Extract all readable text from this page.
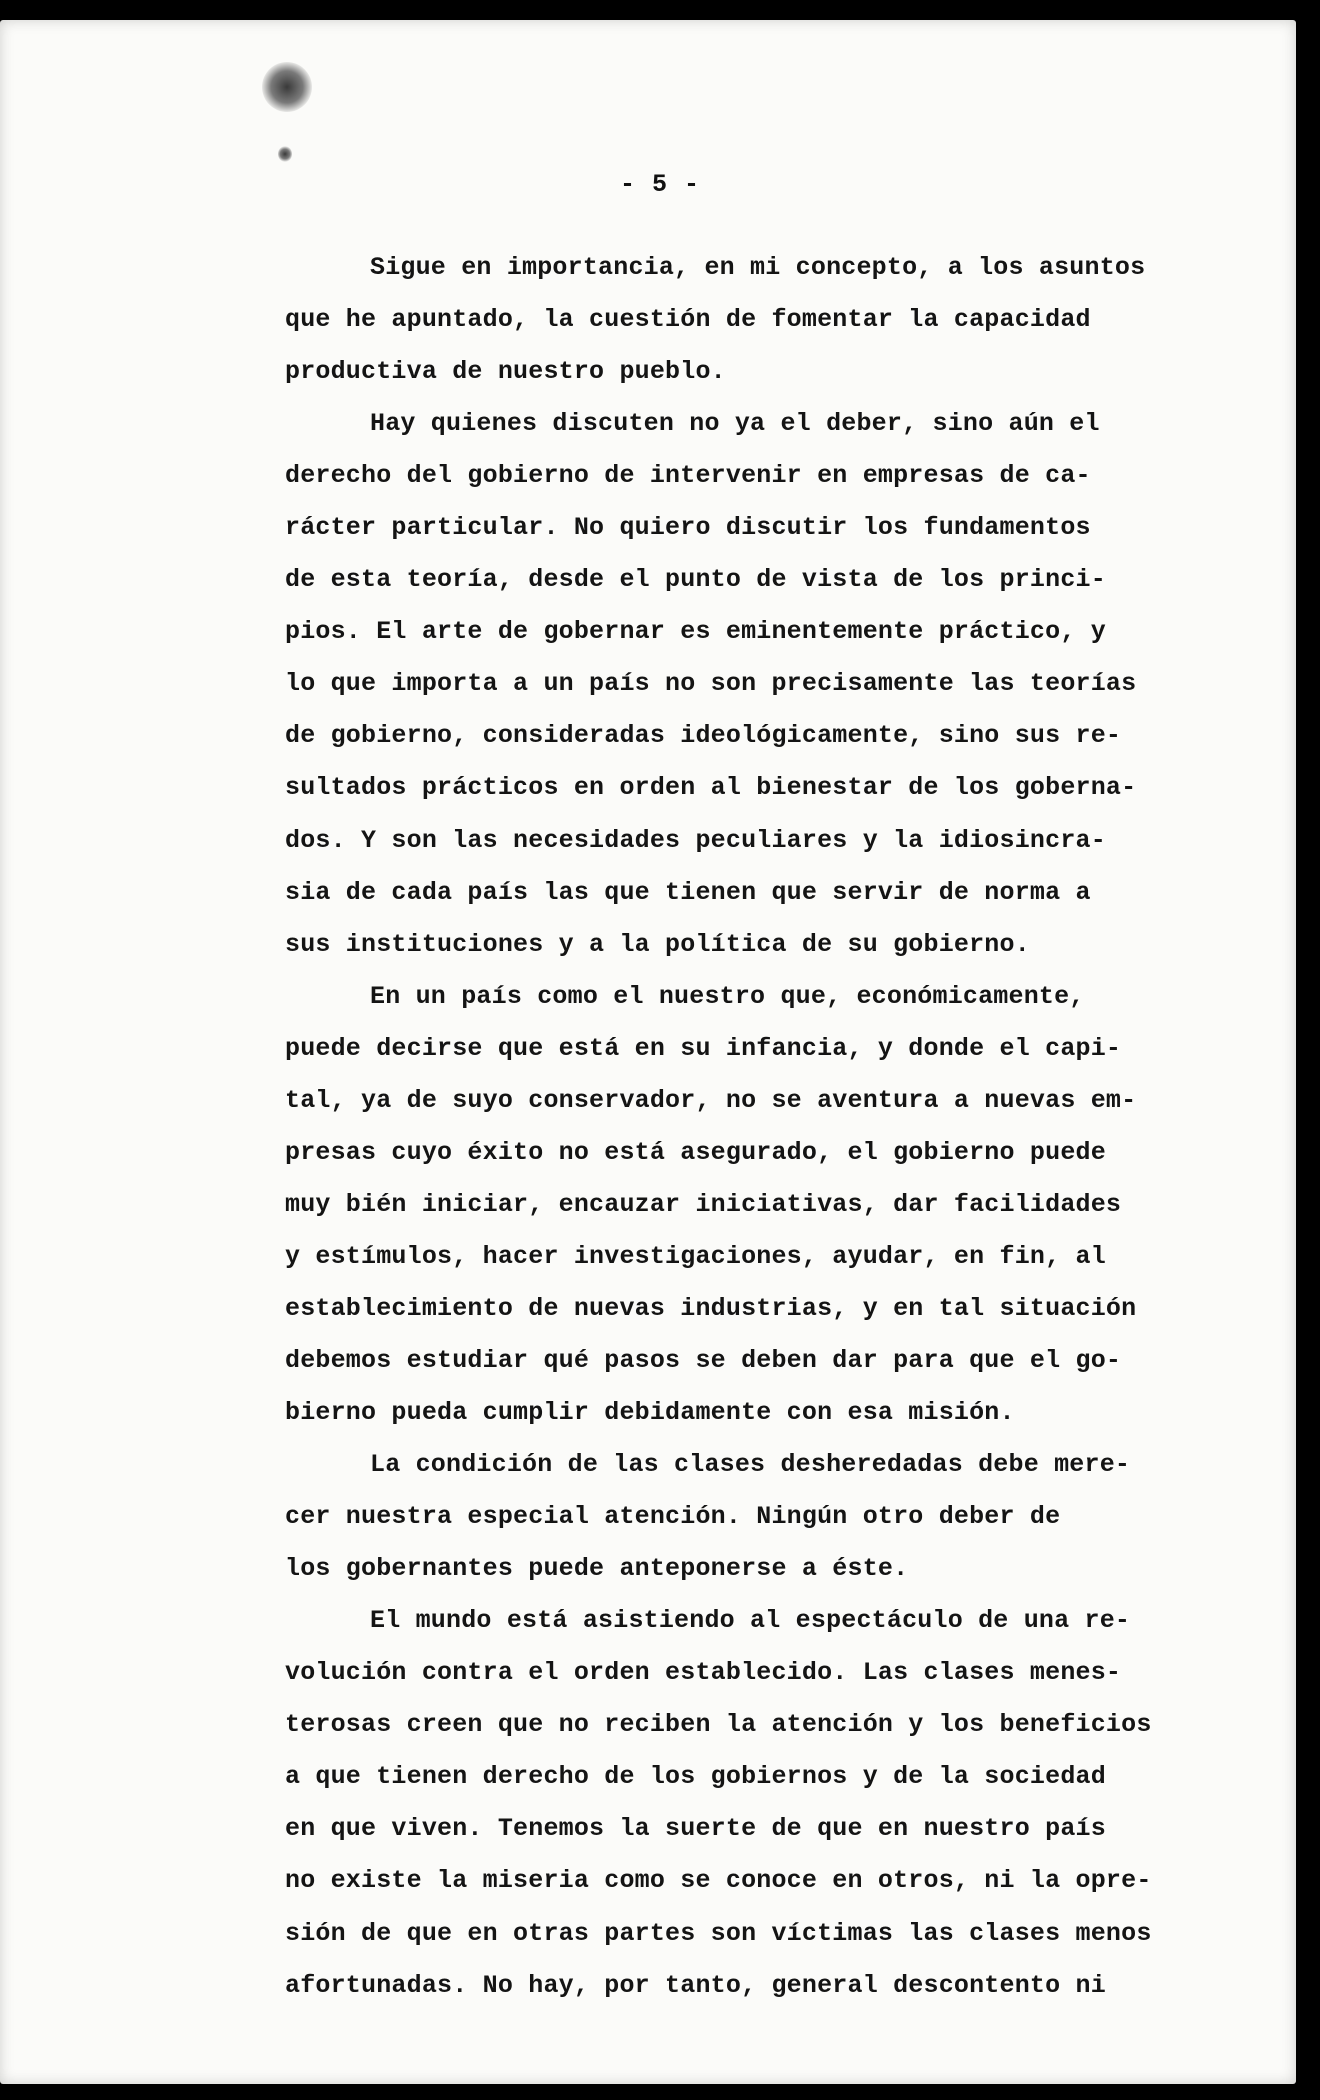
- 5 -

Sigue en importancia, en mi concepto, a los asuntos
que he apuntado, la cuestión de fomentar la capacidad
productiva de nuestro pueblo.

Hay quienes discuten no ya el deber, sino aún el
derecho del gobierno de intervenir en empresas de ca-
rácter particular. No quiero discutir los fundamentos
de esta teoría, desde el punto de vista de los princi-
pios. El arte de gobernar es eminentemente práctico, y
lo que importa a un país no son precisamente las teorías
de gobierno, consideradas ideológicamente, sino sus re-
sultados prácticos en orden al bienestar de los goberna-
dos. Y son las necesidades peculiares y la idiosincra-
sia de cada país las que tienen que servir de norma a
sus instituciones y a la política de su gobierno.

En un país como el nuestro que, económicamente,
puede decirse que está en su infancia, y donde el capi-
tal, ya de suyo conservador, no se aventura a nuevas em-
presas cuyo éxito no está asegurado, el gobierno puede
muy bién iniciar, encauzar iniciativas, dar facilidades
y estímulos, hacer investigaciones, ayudar, en fin, al
establecimiento de nuevas industrias, y en tal situación
debemos estudiar qué pasos se deben dar para que el go-
bierno pueda cumplir debidamente con esa misión.

La condición de las clases desheredadas debe mere-
cer nuestra especial atención. Ningún otro deber de
los gobernantes puede anteponerse a éste.

El mundo está asistiendo al espectáculo de una re-
volución contra el orden establecido. Las clases menes-
terosas creen que no reciben la atención y los beneficios
a que tienen derecho de los gobiernos y de la sociedad
en que viven. Tenemos la suerte de que en nuestro país
no existe la miseria como se conoce en otros, ni la opre-
sión de que en otras partes son víctimas las clases menos
afortunadas. No hay, por tanto, general descontento ni
